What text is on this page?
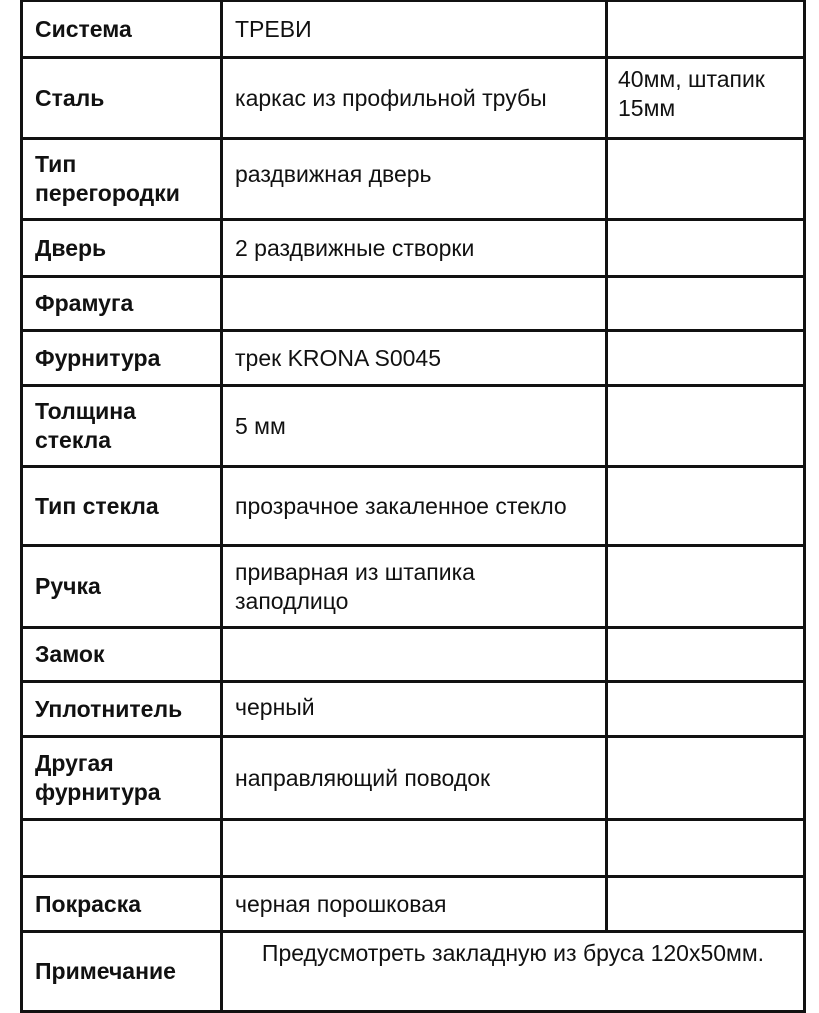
Система	ТРЕВИ	
Сталь	каркас из профильной трубы	40мм, штапик 15мм
Тип перегородки	раздвижная дверь	
Дверь	2 раздвижные створки	
Фрамуга		
Фурнитура	трек KRONA S0045	
Толщина стекла	5 мм	
Тип стекла	прозрачное закаленное стекло	
Ручка	приварная из штапика заподлицо	
Замок		
Уплотнитель	черный	
Другая фурнитура	направляющий поводок	

Покраска	черная порошковая	
Примечание	Предусмотреть закладную из бруса 120х50мм.	
